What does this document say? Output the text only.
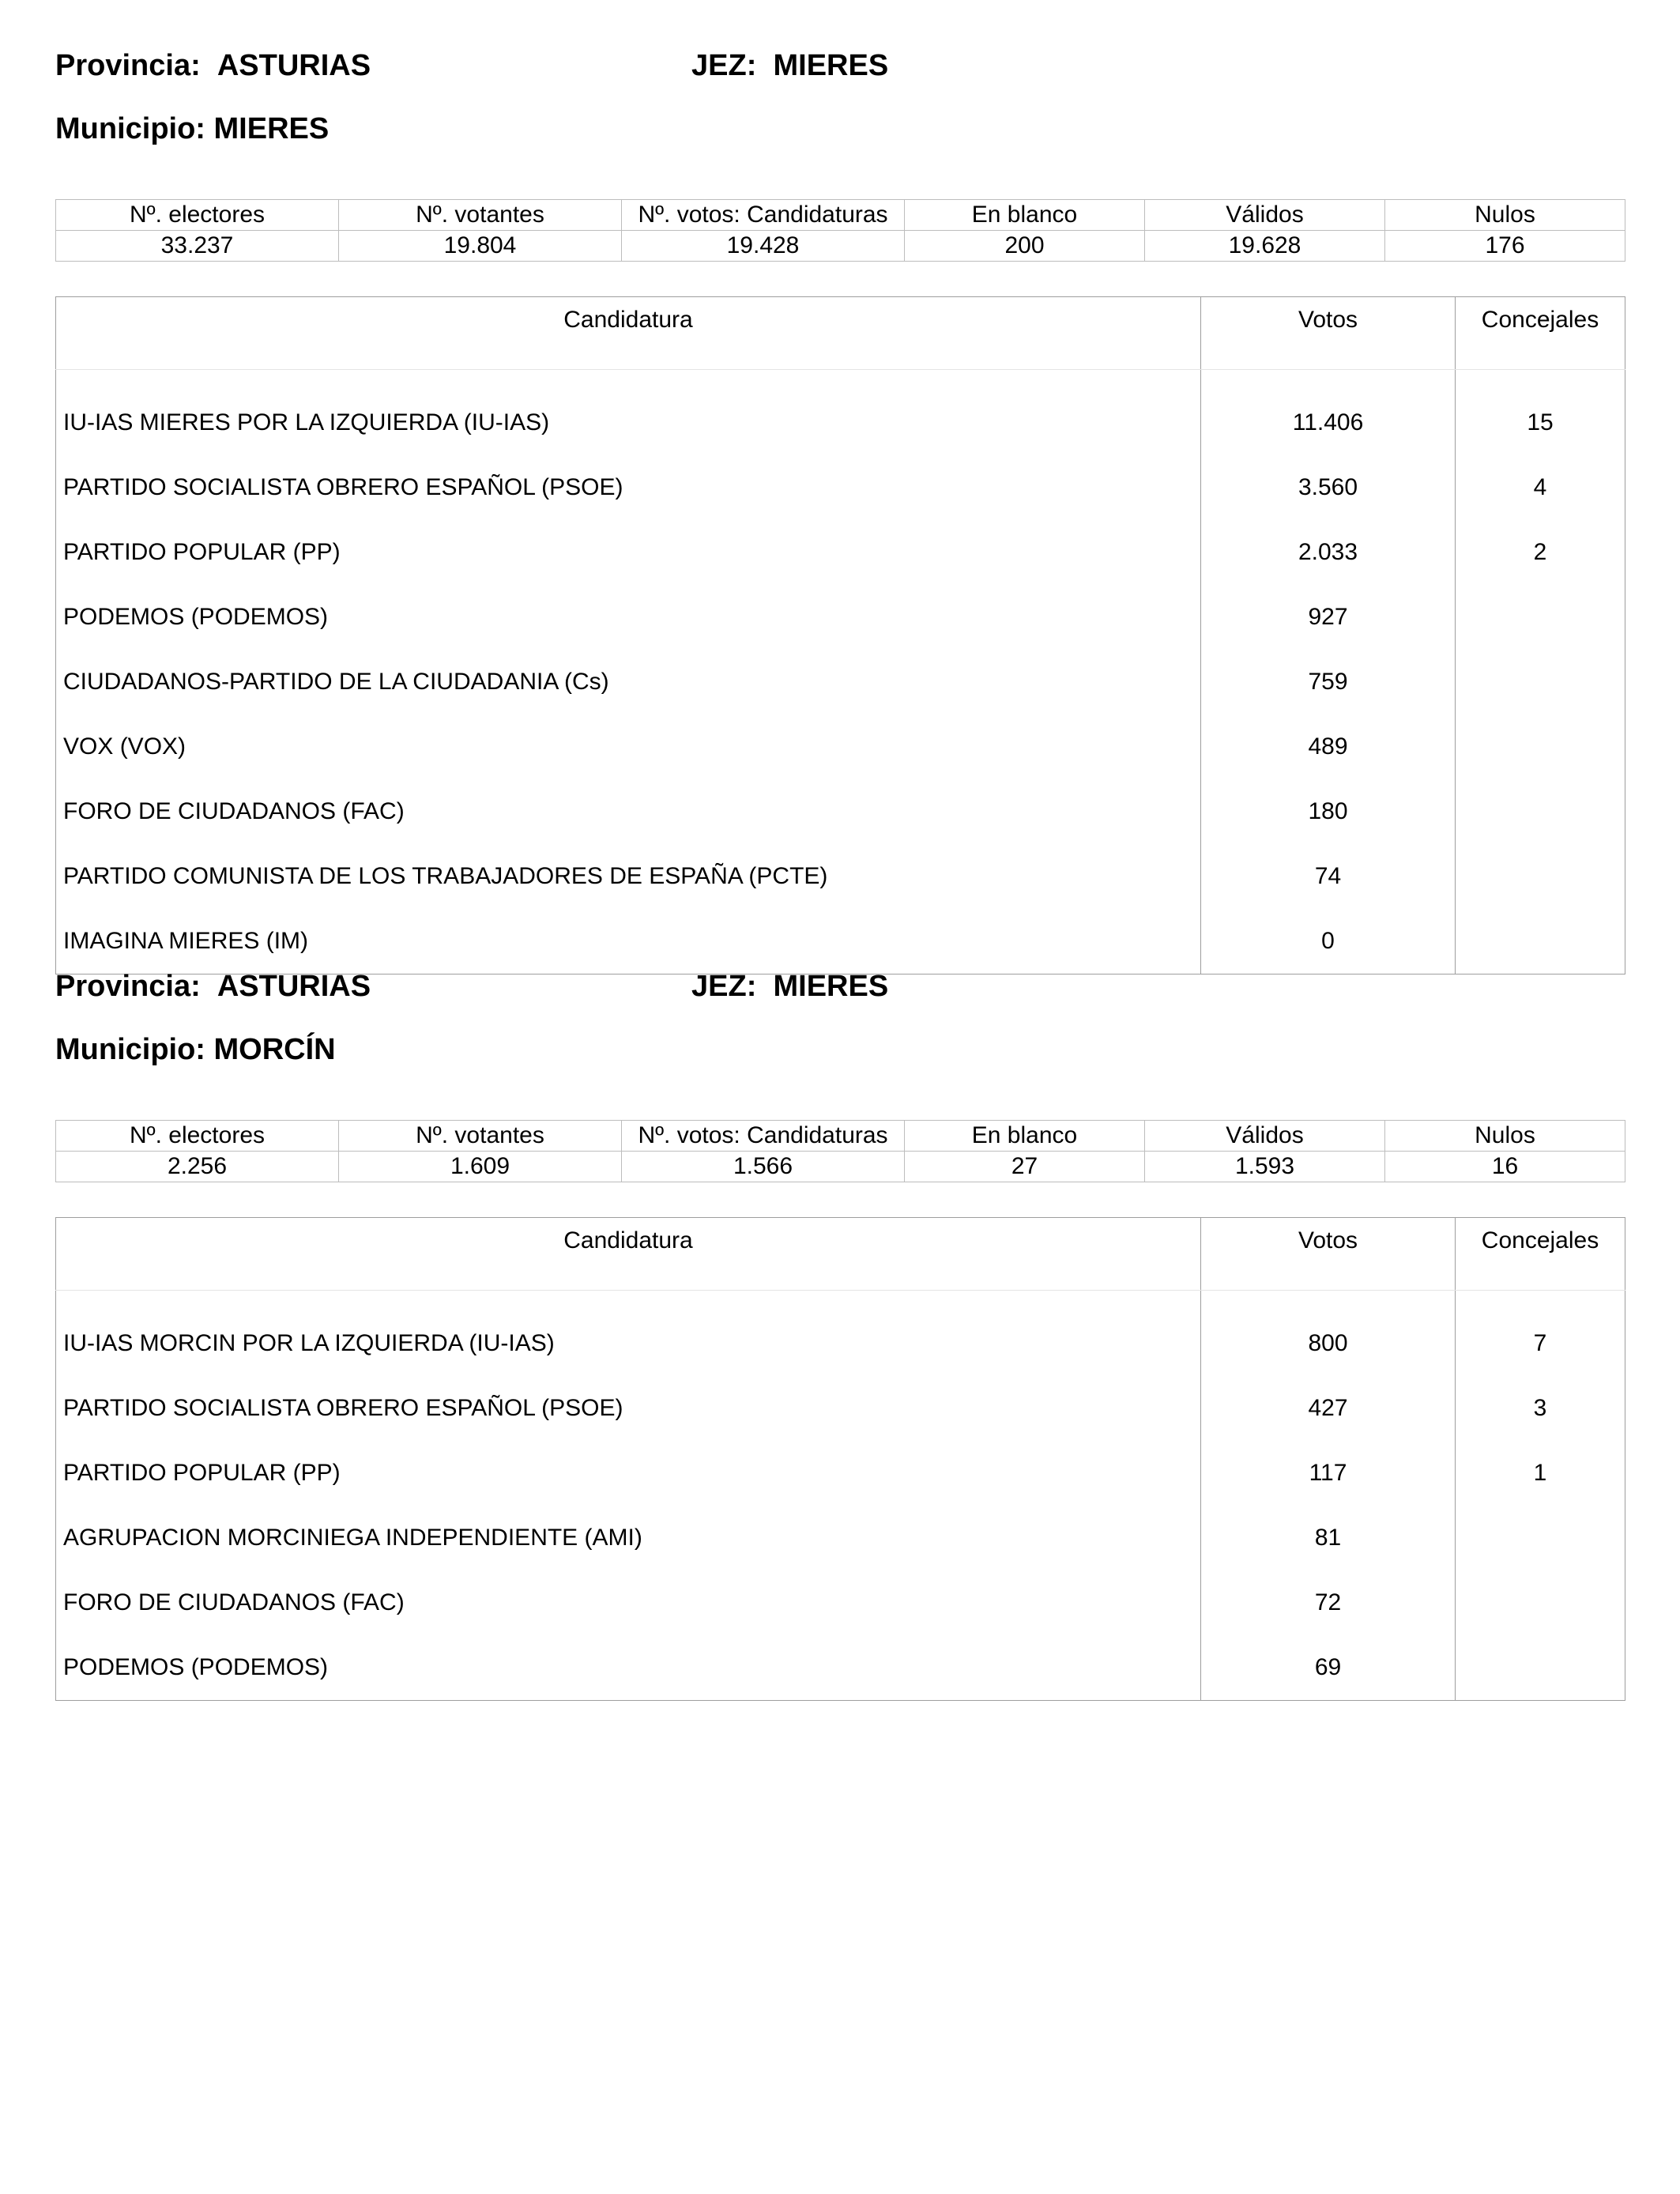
Provincia: ASTURIAS	JEZ: MIERES
Municipio: MIERES
Nº. electores	Nº. votantes	Nº. votos: Candidaturas	En blanco	Válidos	Nulos
33.237	19.804	19.428	200	19.628	176
Candidatura	Votos	Concejales
IU-IAS MIERES POR LA IZQUIERDA (IU-IAS)	11.406	15
PARTIDO SOCIALISTA OBRERO ESPAÑOL (PSOE)	3.560	4
PARTIDO POPULAR (PP)	2.033	2
PODEMOS (PODEMOS)	927	
CIUDADANOS-PARTIDO DE LA CIUDADANIA (Cs)	759	
VOX (VOX)	489	
FORO DE CIUDADANOS (FAC)	180	
PARTIDO COMUNISTA DE LOS TRABAJADORES DE ESPAÑA (PCTE)	74	
IMAGINA MIERES (IM)	0	
Provincia: ASTURIAS	JEZ: MIERES
Municipio: MORCÍN
Nº. electores	Nº. votantes	Nº. votos: Candidaturas	En blanco	Válidos	Nulos
2.256	1.609	1.566	27	1.593	16
Candidatura	Votos	Concejales
IU-IAS MORCIN POR LA IZQUIERDA (IU-IAS)	800	7
PARTIDO SOCIALISTA OBRERO ESPAÑOL (PSOE)	427	3
PARTIDO POPULAR (PP)	117	1
AGRUPACION MORCINIEGA INDEPENDIENTE (AMI)	81	
FORO DE CIUDADANOS (FAC)	72	
PODEMOS (PODEMOS)	69	
